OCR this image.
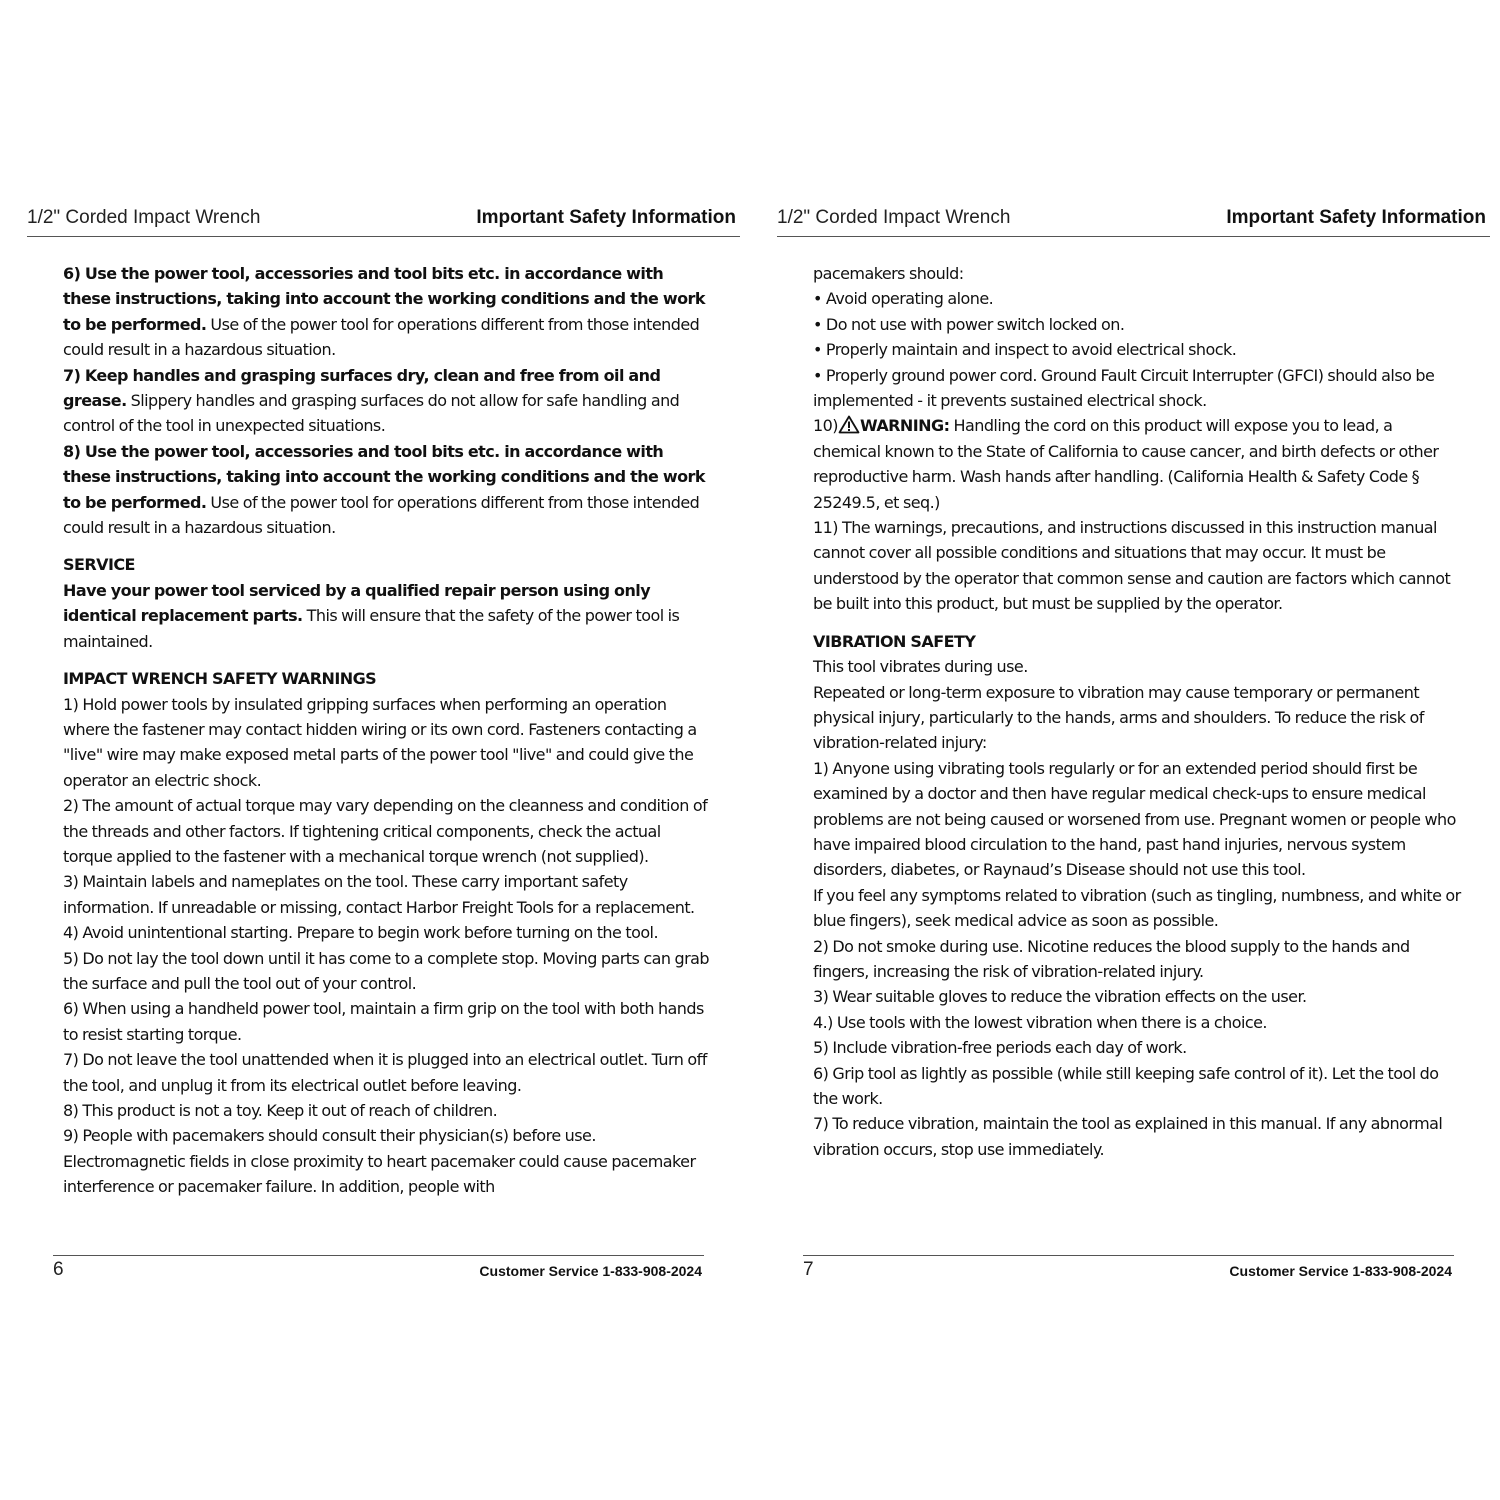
1/2" Corded Impact Wrench	Important Safety Information

6) Use the power tool, accessories and tool bits etc. in accordance with these instructions, taking into account the working conditions and the work to be performed. Use of the power tool for operations different from those intended could result in a hazardous situation.

7) Keep handles and grasping surfaces dry, clean and free from oil and grease. Slippery handles and grasping surfaces do not allow for safe handling and control of the tool in unexpected situations.

8) Use the power tool, accessories and tool bits etc. in accordance with these instructions, taking into account the working conditions and the work to be performed. Use of the power tool for operations different from those intended could result in a hazardous situation.

SERVICE

Have your power tool serviced by a qualified repair person using only identical replacement parts. This will ensure that the safety of the power tool is maintained.

IMPACT WRENCH SAFETY WARNINGS

1) Hold power tools by insulated gripping surfaces when performing an operation where the fastener may contact hidden wiring or its own cord. Fasteners contacting a "live" wire may make exposed metal parts of the power tool "live" and could give the operator an electric shock.

2) The amount of actual torque may vary depending on the cleanness and condition of the threads and other factors. If tightening critical components, check the actual torque applied to the fastener with a mechanical torque wrench (not supplied).

3) Maintain labels and nameplates on the tool. These carry important safety information. If unreadable or missing, contact Harbor Freight Tools for a replacement.

4) Avoid unintentional starting. Prepare to begin work before turning on the tool.

5) Do not lay the tool down until it has come to a complete stop. Moving parts can grab the surface and pull the tool out of your control.

6) When using a handheld power tool, maintain a firm grip on the tool with both hands to resist starting torque.

7) Do not leave the tool unattended when it is plugged into an electrical outlet. Turn off the tool, and unplug it from its electrical outlet before leaving.

8) This product is not a toy. Keep it out of reach of children.

9) People with pacemakers should consult their physician(s) before use. Electromagnetic fields in close proximity to heart pacemaker could cause pacemaker interference or pacemaker failure. In addition, people with

6	Customer Service 1-833-908-2024
1/2" Corded Impact Wrench	Important Safety Information

pacemakers should:

• Avoid operating alone.

• Do not use with power switch locked on.

• Properly maintain and inspect to avoid electrical shock.

• Properly ground power cord. Ground Fault Circuit Interrupter (GFCI) should also be implemented - it prevents sustained electrical shock.

10) WARNING: Handling the cord on this product will expose you to lead, a chemical known to the State of California to cause cancer, and birth defects or other reproductive harm. Wash hands after handling. (California Health & Safety Code § 25249.5, et seq.)

11) The warnings, precautions, and instructions discussed in this instruction manual cannot cover all possible conditions and situations that may occur. It must be understood by the operator that common sense and caution are factors which cannot be built into this product, but must be supplied by the operator.

VIBRATION SAFETY

This tool vibrates during use.

Repeated or long-term exposure to vibration may cause temporary or permanent physical injury, particularly to the hands, arms and shoulders. To reduce the risk of vibration-related injury:

1) Anyone using vibrating tools regularly or for an extended period should first be examined by a doctor and then have regular medical check-ups to ensure medical problems are not being caused or worsened from use. Pregnant women or people who have impaired blood circulation to the hand, past hand injuries, nervous system disorders, diabetes, or Raynaud’s Disease should not use this tool.

If you feel any symptoms related to vibration (such as tingling, numbness, and white or blue fingers), seek medical advice as soon as possible.

2) Do not smoke during use. Nicotine reduces the blood supply to the hands and fingers, increasing the risk of vibration-related injury.

3) Wear suitable gloves to reduce the vibration effects on the user.

4.) Use tools with the lowest vibration when there is a choice.

5) Include vibration-free periods each day of work.

6) Grip tool as lightly as possible (while still keeping safe control of it). Let the tool do the work.

7) To reduce vibration, maintain the tool as explained in this manual. If any abnormal vibration occurs, stop use immediately.

7	Customer Service 1-833-908-2024
